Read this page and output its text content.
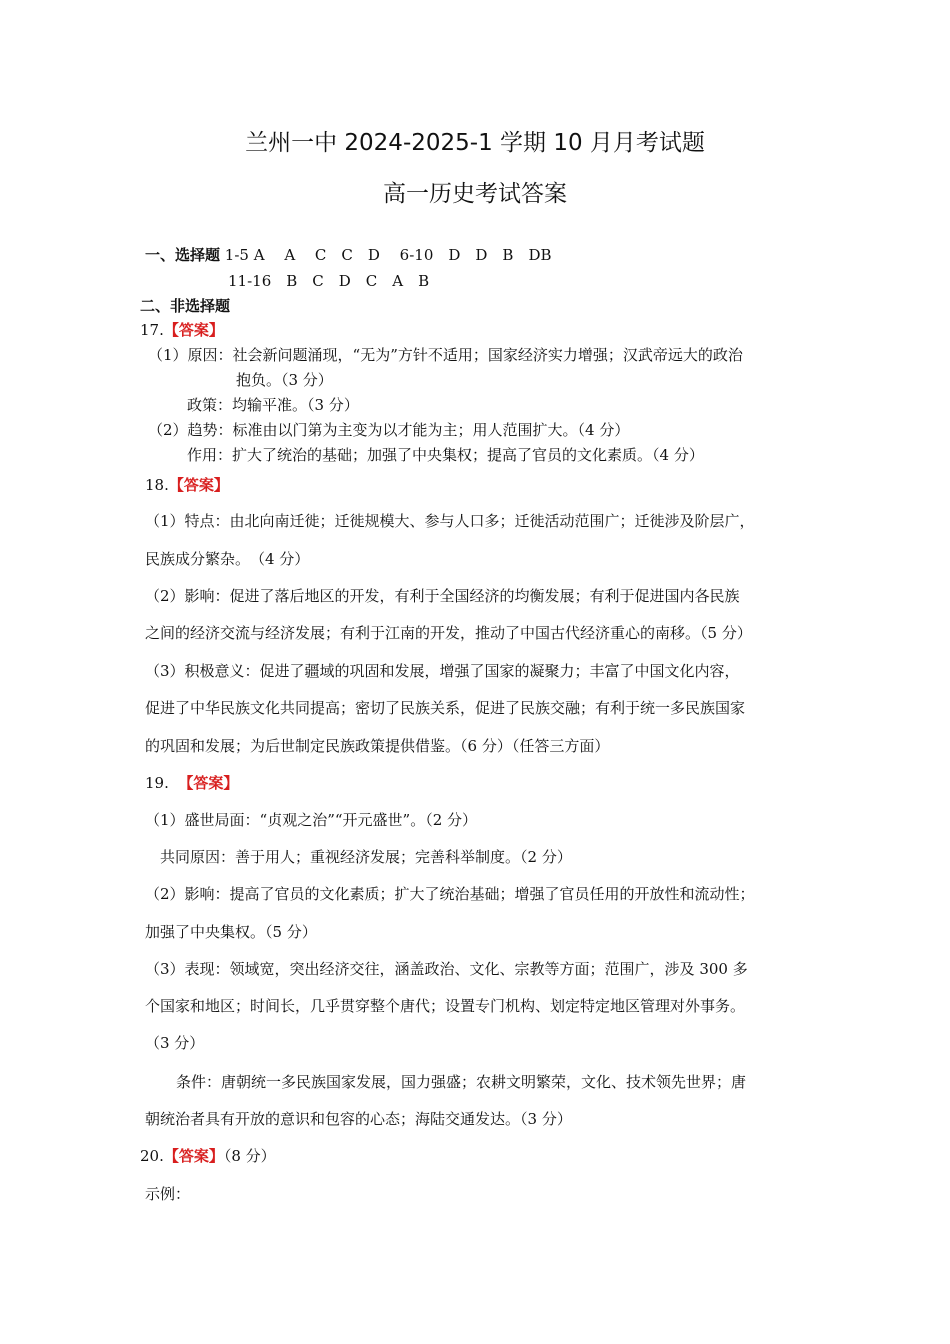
兰州一中 2024-2025-1 学期 10 月月考试题
高一历史考试答案
一、选择题 1-5 A　 A　 C　C　D　 6-10　D　D　B　DB
11-16　B　C　D　C　A　B
二、非选择题
17.【答案】
（1）原因：社会新问题涌现，“无为”方针不适用；国家经济实力增强；汉武帝远大的政治
抱负。（3 分）
政策：均输平准。（3 分）
（2）趋势：标准由以门第为主变为以才能为主；用人范围扩大。（4 分）
作用：扩大了统治的基础；加强了中央集权；提高了官员的文化素质。（4 分）
18.【答案】
（1）特点：由北向南迁徙；迁徙规模大、参与人口多；迁徙活动范围广；迁徙涉及阶层广，
民族成分繁杂。　（4 分）
（2）影响：促进了落后地区的开发，有利于全国经济的均衡发展；有利于促进国内各民族
之间的经济交流与经济发展；有利于江南的开发，推动了中国古代经济重心的南移。（5 分）
（3）积极意义：促进了疆域的巩固和发展，增强了国家的凝聚力；丰富了中国文化内容，
促进了中华民族文化共同提高；密切了民族关系，促进了民族交融；有利于统一多民族国家
的巩固和发展；为后世制定民族政策提供借鉴。（6 分）（任答三方面）
19. 【答案】
（1）盛世局面：“贞观之治”“开元盛世”。（2 分）
共同原因：善于用人；重视经济发展；完善科举制度。（2 分）
（2）影响：提高了官员的文化素质；扩大了统治基础；增强了官员任用的开放性和流动性；
加强了中央集权。（5 分）
（3）表现：领域宽，突出经济交往，涵盖政治、文化、宗教等方面；范围广，涉及 300 多
个国家和地区；时间长，几乎贯穿整个唐代；设置专门机构、划定特定地区管理对外事务。
（3 分）
条件：唐朝统一多民族国家发展，国力强盛；农耕文明繁荣，文化、技术领先世界；唐
朝统治者具有开放的意识和包容的心态；海陆交通发达。（3 分）
20.【答案】（8 分）
示例：
